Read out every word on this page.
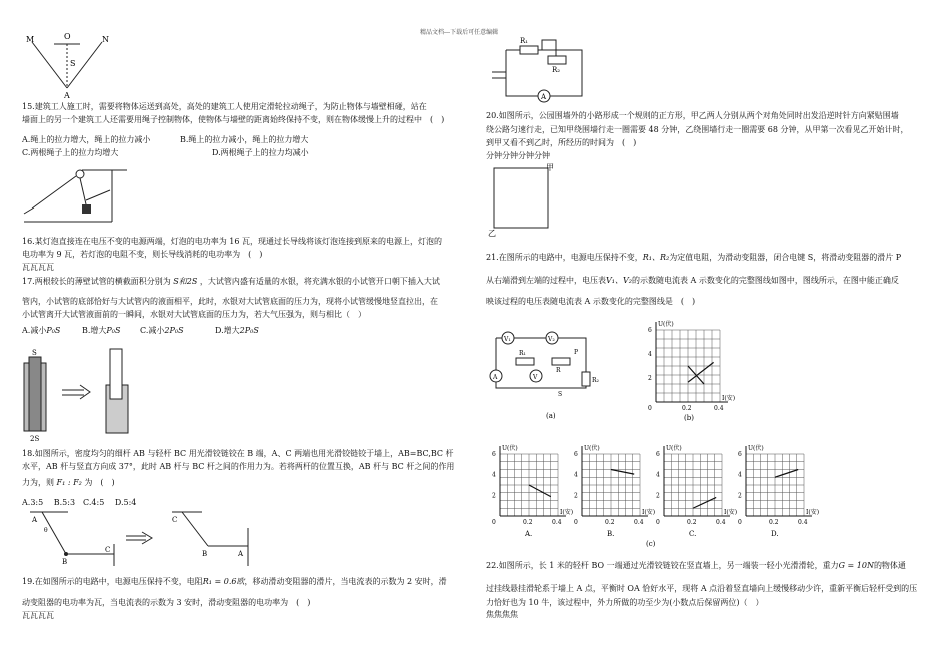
精品文档---下载后可任意编辑
M	O	N
S
A
15.建筑工人施工时，需要将物体运送到高处，高处的建筑工人使用定滑轮拉动绳子，为防止物体与墙壁相碰，站在
墙面上的另一个建筑工人还需要用绳子控制物体，使物体与墙壁的距离始终保持不变，则在物体缓慢上升的过程中　(　)
A.绳上的拉力增大，绳上的拉力减小	B.绳上的拉力减小，绳上的拉力增大
C.两根绳子上的拉力均增大	D.两根绳子上的拉力均减小
16.某灯泡直接连在电压不变的电源两端，灯泡的电功率为 16 瓦，现通过长导线将该灯泡连接到原来的电源上，灯泡的
电功率为 9 瓦，若灯泡的电阻不变，则长导线消耗的电功率为　(　)
瓦瓦瓦瓦
17.两根较长的薄壁试管的横截面积分别为 S和2S ，大试管内盛有适量的水银，将充满水银的小试管开口朝下插入大试
管内，小试管的底部恰好与大试管内的液面相平，此时，水银对大试管底面的压力为，现将小试管缓慢地竖直拉出，在
小试管离开大试管液面前的一瞬间，水银对大试管底面的压力为，若大气压强为，则与相比（　）
A.减小P₀S	B.增大P₀S C.减小2P₀S	D.增大2P₀S
S
2S
18.如图所示，密度均匀的细杆 AB 与轻杆 BC 用光滑铰链铰在 B 端，A、C 两端也用光滑铰链铰于墙上，AB=BC,BC 杆
水平，AB 杆与竖直方向成 37°，此时 AB 杆与 BC 杆之间的作用力为。若将两杆的位置互换，AB 杆与 BC 杆之间的作用
力为，则 F₁ : F₂ 为　(　)
A.3:5　 B.5:3　C.4:5　 D.5:4
A
θ
B
C
C
B	A
19.在如图所示的电路中，电源电压保持不变，电阻R₁ = 0.6欧，移动滑动变阻器的滑片，当电流表的示数为 2 安时，滑
动变阻器的电功率为瓦，当电流表的示数为 3 安时，滑动变阻器的电功率为　(　)
瓦瓦瓦瓦
R₁
R₂
A
20.如图所示，公园围墙外的小路形成一个规则的正方形，甲乙两人分别从两个对角处同时出发沿逆时针方向紧贴围墙
绕公路匀速行走，已知甲绕围墙行走一圈需要 48 分钟，乙绕围墙行走一圈需要 68 分钟，从甲第一次看见乙开始计时，
到甲又看不到乙时，所经历的时间为　(　)
分钟分钟分钟分钟
甲
乙
21.在图所示的电路中，电源电压保持不变，R₁、R₂为定值电阻，为滑动变阻器，闭合电键 S，将滑动变阻器的滑片 P
从右端滑到左端的过程中，电压表V₁、V₂的示数随电流表 A 示数变化的完整图线如图中，图线所示，在图中能正确反
映该过程的电压表随电流表 A 示数变化的完整图线是　(　)
V₁	V₂
R₁
R
P
R₂
A	V
S
(a)
U(伏)
I(安)
6
4
2
0.2	0.4
0
(b)
U(伏)
I(安)
6
4
2
0.2	0.4
0
A.
U(伏)
I(安)
6
4
2
0.2	0.4
0
B.
U(伏)
I(安)
6
4
2
0.2	0.4
0
C.
U(伏)
I(安)
6
4
2
0.2	0.4
0
D.
(c)
22.如图所示，长 1 米的轻杆 BO 一端通过光滑铰链铰在竖直墙上，另一端装一轻小光滑滑轮，重力G = 10N的物体通
过挂线悬挂滑轮系于墙上 A 点，平衡时 OA 恰好水平，现将 A 点沿着竖直墙向上缓慢移动少许，重新平衡后轻杆受到的压
力恰好也为 10 牛，该过程中，外力所做的功至少为(小数点后保留两位)（　）
焦焦焦焦
